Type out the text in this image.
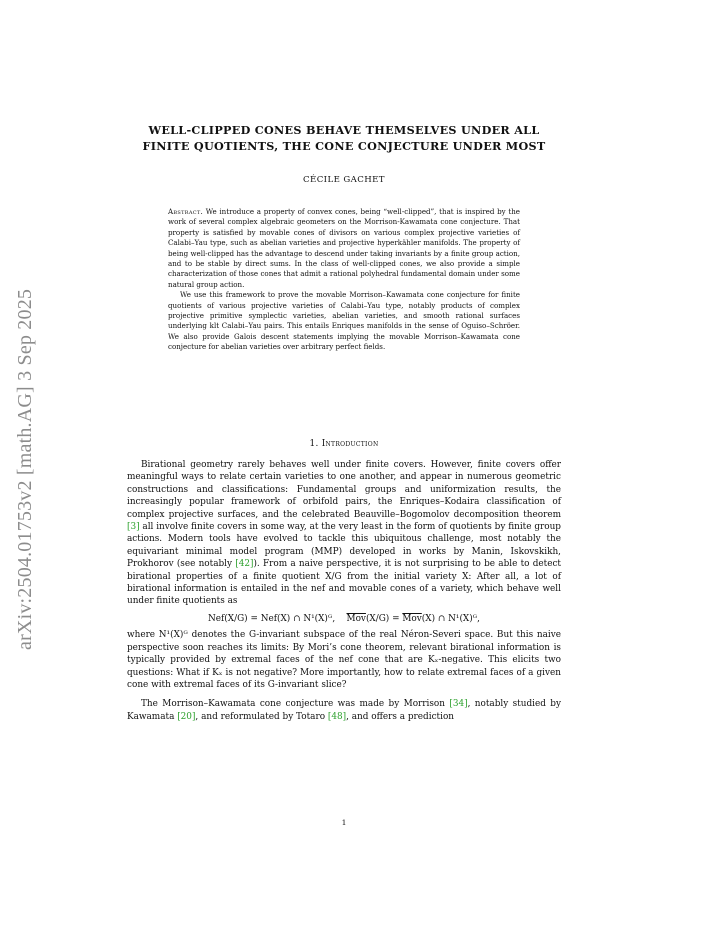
arXiv:2504.01753v2 [math.AG] 3 Sep 2025
WELL-CLIPPED CONES BEHAVE THEMSELVES UNDER ALL
FINITE QUOTIENTS, THE CONE CONJECTURE UNDER MOST
CÉCILE GACHET

Abstract. We introduce a property of convex cones, being “well-clipped”, that is inspired by the work of several complex algebraic geometers on the Morrison-Kawamata cone conjecture. That property is satisfied by movable cones of divisors on various complex projective varieties of Calabi–Yau type, such as abelian varieties and projective hyperkähler manifolds. The property of being well-clipped has the advantage to descend under taking invariants by a finite group action, and to be stable by direct sums. In the class of well-clipped cones, we also provide a simple characterization of those cones that admit a rational polyhedral fundamental domain under some natural group action.

We use this framework to prove the movable Morrison–Kawamata cone conjecture for finite quotients of various projective varieties of Calabi–Yau type, notably products of complex projective primitive symplectic varieties, abelian varieties, and smooth rational surfaces underlying klt Calabi–Yau pairs. This entails Enriques manifolds in the sense of Oguiso–Schröer. We also provide Galois descent statements implying the movable Morrison–Kawamata cone conjecture for abelian varieties over arbitrary perfect fields.

1. Introduction

Birational geometry rarely behaves well under finite covers. However, finite covers offer meaningful ways to relate certain varieties to one another, and appear in numerous geometric constructions and classifications: Fundamental groups and uniformization results, the increasingly popular framework of orbifold pairs, the Enriques–Kodaira classification of complex projective surfaces, and the celebrated Beauville–Bogomolov decomposition theorem [3] all involve finite covers in some way, at the very least in the form of quotients by finite group actions. Modern tools have evolved to tackle this ubiquitous challenge, most notably the equivariant minimal model program (MMP) developed in works by Manin, Iskovskikh, Prokhorov (see notably [42]). From a naive perspective, it is not surprising to be able to detect birational properties of a finite quotient X/G from the initial variety X: After all, a lot of birational information is entailed in the nef and movable cones of a variety, which behave well under finite quotients as

Nef(X/G) = Nef(X) ∩ N¹(X)ᴳ, $\overline{Mov}(X/G) = \overline{Mov}(X)$ ∩ N¹(X)ᴳ,

where N¹(X)ᴳ denotes the G-invariant subspace of the real Néron-Severi space. But this naive perspective soon reaches its limits: By Mori’s cone theorem, relevant birational information is typically provided by extremal faces of the nef cone that are Kₓ-negative. This elicits two questions: What if Kₓ is not negative? More importantly, how to relate extremal faces of a given cone with extremal faces of its G-invariant slice?

The Morrison–Kawamata cone conjecture was made by Morrison [34], notably studied by Kawamata [20], and reformulated by Totaro [48], and offers a prediction

1
